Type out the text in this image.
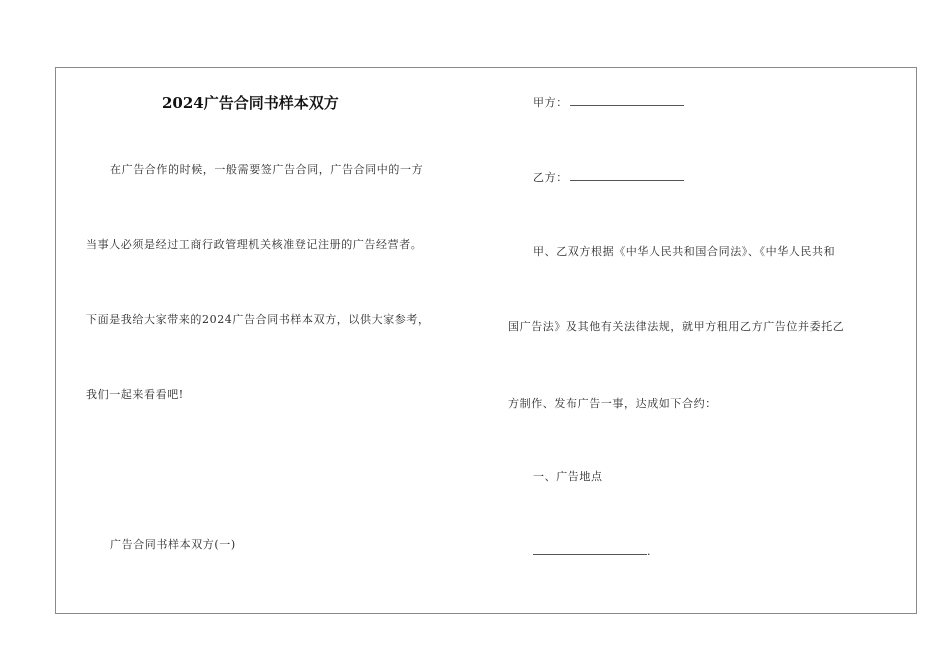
2024广告合同书样本双方
在广告合作的时候，一般需要签广告合同，广告合同中的一方
当事人必须是经过工商行政管理机关核准登记注册的广告经营者。
下面是我给大家带来的2024广告合同书样本双方，以供大家参考，
我们一起来看看吧!
广告合同书样本双方(一)
甲方：
乙方：
甲、乙双方根据《中华人民共和国合同法》、《中华人民共和
国广告法》及其他有关法律法规，就甲方租用乙方广告位并委托乙
方制作、发布广告一事，达成如下合约：
一、广告地点
.
